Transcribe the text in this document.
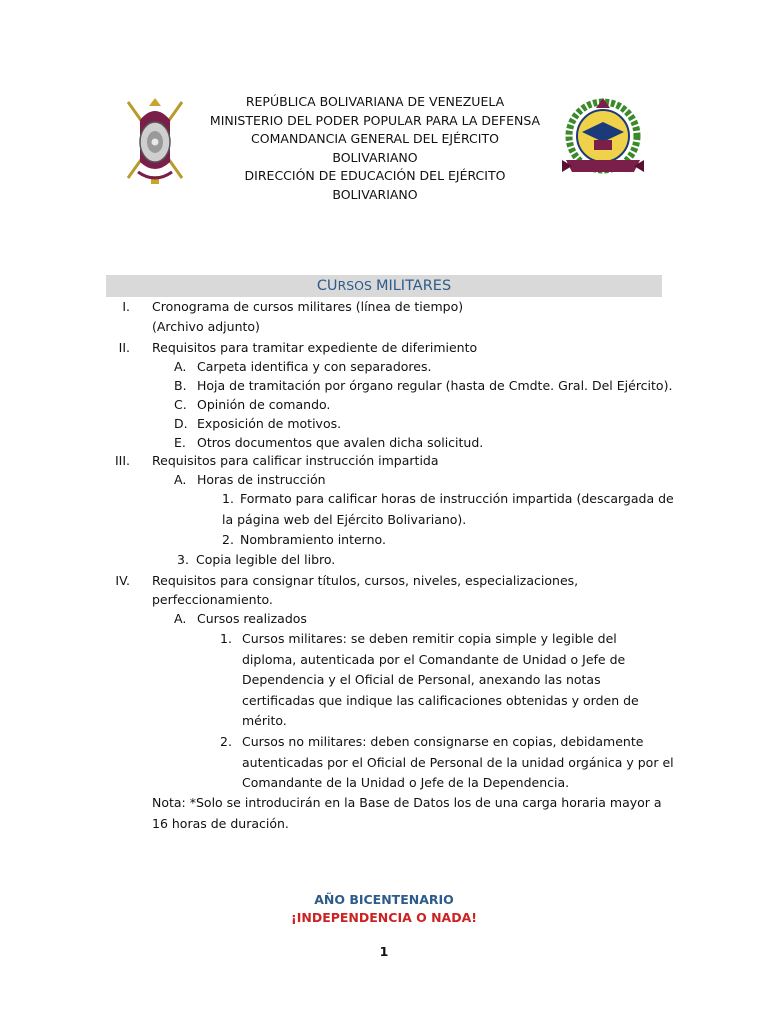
REPÚBLICA BOLIVARIANA DE VENEZUELA
MINISTERIO DEL PODER POPULAR PARA LA DEFENSA
COMANDANCIA GENERAL DEL EJÉRCITO
BOLIVARIANO
DIRECCIÓN DE EDUCACIÓN DEL EJÉRCITO
BOLIVARIANO
CURSOS MILITARES
I. Cronograma de cursos militares (línea de tiempo)
(Archivo adjunto)
II. Requisitos para tramitar expediente de diferimiento
A. Carpeta identifica y con separadores.
B. Hoja de tramitación por órgano regular (hasta de Cmdte. Gral. Del Ejército).
C. Opinión de comando.
D. Exposición de motivos.
E. Otros documentos que avalen dicha solicitud.
III. Requisitos para calificar instrucción impartida
A. Horas de instrucción
1. Formato para calificar horas de instrucción impartida (descargada de
la página web del Ejército Bolivariano).
2. Nombramiento interno.
3. Copia legible del libro.
IV. Requisitos para consignar títulos, cursos, niveles, especializaciones,
perfeccionamiento.
A. Cursos realizados
1. Cursos militares: se deben remitir copia simple y legible del
diploma, autenticada por el Comandante de Unidad o Jefe de
Dependencia y el Oficial de Personal, anexando las notas
certificadas que indique las calificaciones obtenidas y orden de
mérito.
2. Cursos no militares: deben consignarse en copias, debidamente
autenticadas por el Oficial de Personal de la unidad orgánica y por el
Comandante de la Unidad o Jefe de la Dependencia.
Nota: *Solo se introducirán en la Base de Datos los de una carga horaria mayor a
16 horas de duración.
AÑO BICENTENARIO
¡INDEPENDENCIA O NADA!
1
